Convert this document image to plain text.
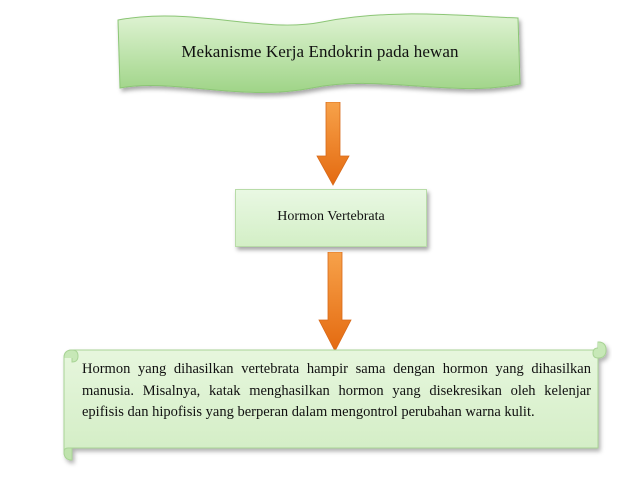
Mekanisme Kerja Endokrin pada hewan
Hormon Vertebrata
Hormon yang dihasilkan vertebrata hampir sama dengan hormon yang dihasilkan manusia. Misalnya, katak menghasilkan hormon yang disekresikan oleh kelenjar epifisis dan hipofisis yang berperan dalam mengontrol perubahan warna kulit.
